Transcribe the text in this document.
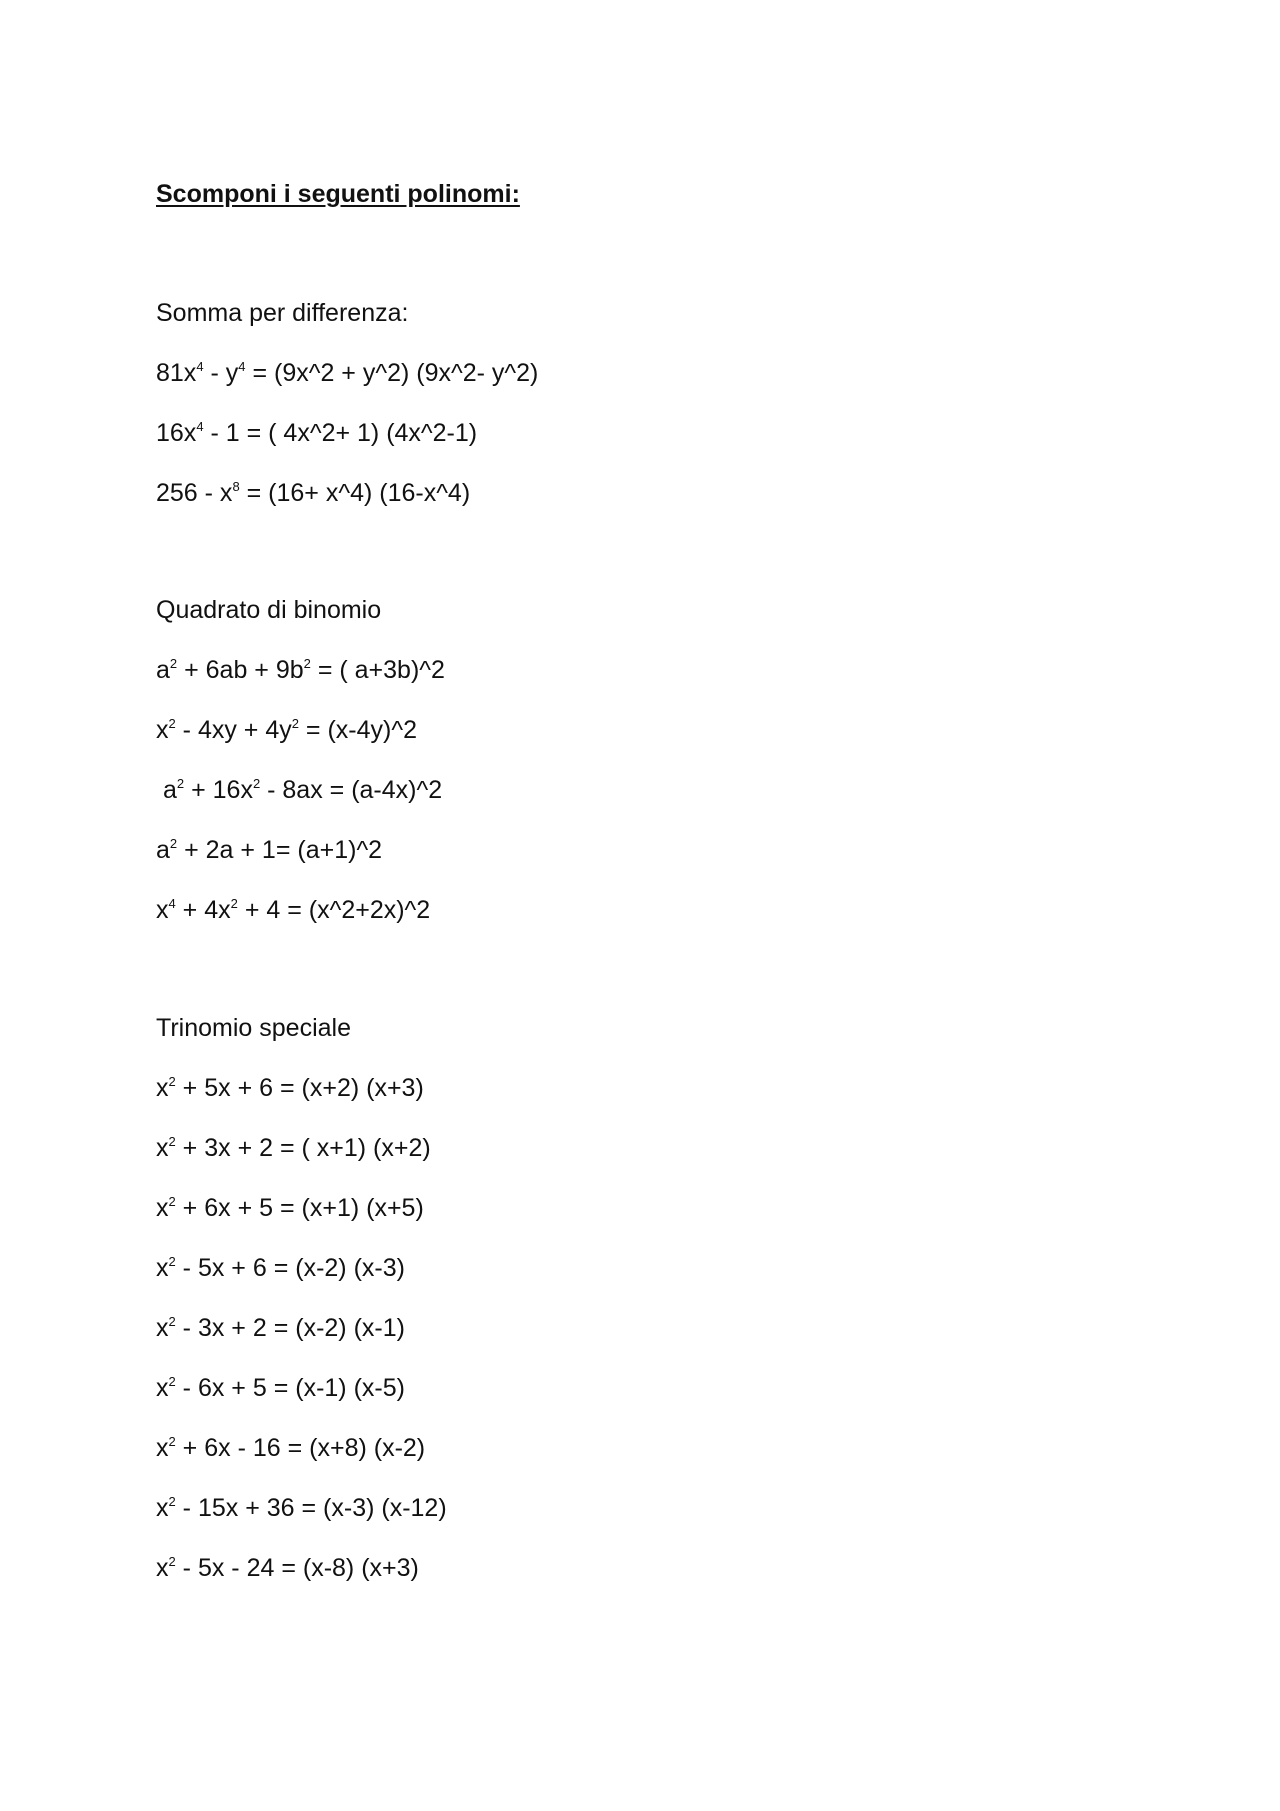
Scomponi i seguenti polinomi:
Somma per differenza:
$81x^4 - y^4$ = (9x^2 + y^2) (9x^2- y^2)
$16x^4 - 1$ = ( 4x^2+ 1) (4x^2-1)
$256 - x^8 = (16+$ x^4) (16-x^4)
Quadrato di binomio
$a^2 + 6ab + 9b^2$ = ( a+3b)^2
$x^2 - 4xy + 4y^2$ = (x-4y)^2
$a^2 + 16x^2 - 8ax$ = (a-4x)^2
$a^2 + 2a + 1=$ (a+1)^2
$x^4 + 4x^2 + 4$ = (x^2+2x)^2
Trinomio speciale
$x^2 + 5x + 6 = (x+2)$ (x+3)
$x^2 + 3x + 2$ = ( x+1) (x+2)
$x^2 + 6x + 5 = (x+1)$ (x+5)
$x^2 - 5x + 6 = (x-2)$ (x-3)
$x^2 - 3x + 2 = (x-2)$ (x-1)
$x^2 - 6x + 5 = (x-1)$ (x-5)
$x^2 + 6x - 16 = (x+8)$ (x-2)
$x^2 - 15x + 36 = (x-3)$ (x-12)
$x^2 - 5x - 24 = (x-8)$ (x+3)
